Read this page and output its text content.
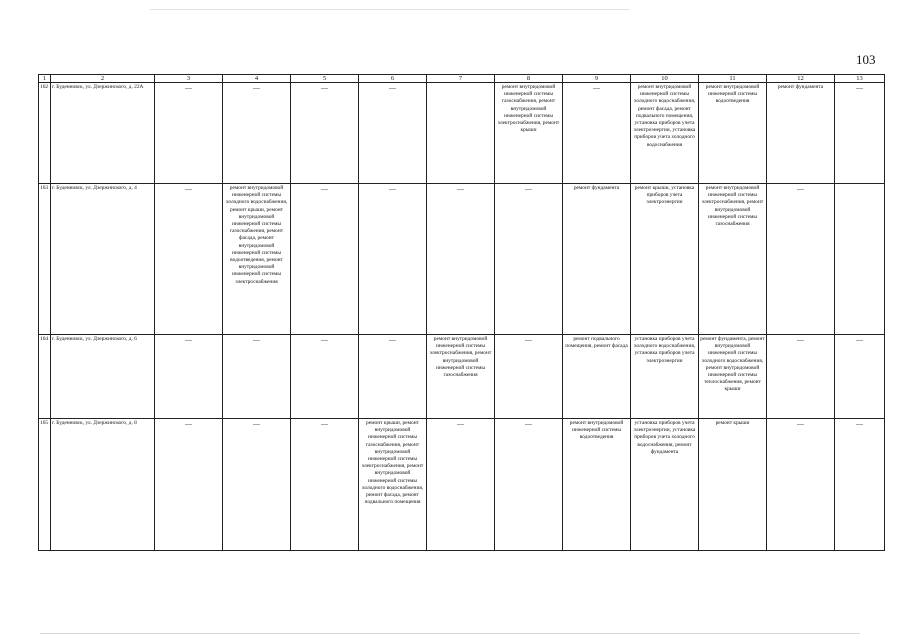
103
1	2	3	4	5	6	7	8	9	10	11	12	13
162	г. Буденновск, ул. Дзержинского, д. 22А	—	—	—	—		ремонт внутридомовой инженерной системы газоснабжения, ремонт внутридомовой инженерной системы электроснабжения, ремонт крыши	—	ремонт внутридомовой инженерной системы холодного водоснабжения, ремонт фасада, ремонт подвального помещения, установка приборов учета электроэнергии, установка приборов учета холодного водоснабжения	ремонт внутридомовой инженерной системы водоотведения	ремонт фундамента	—

163	г. Буденновск, ул. Дзержинского, д. 4	—	ремонт внутридомовой инженерной системы холодного водоснабжения, ремонт крыши, ремонт внутридомовой инженерной системы газоснабжения, ремонт фасада, ремонт внутридомовой инженерной системы водоотведения, ремонт внутридомовой инженерной системы электроснабжения	—	—	—	—	ремонт фундамента	ремонт крыши, установка приборов учета электроэнергии	ремонт внутридомовой инженерной системы электроснабжения, ремонт внутридомовой инженерной системы газоснабжения	—	

164	г. Буденновск, ул. Дзержинского, д. 6	—	—	—	—	ремонт внутридомовой инженерной системы электроснабжения, ремонт внутридомовой инженерной системы газоснабжения	—	ремонт подвального помещения, ремонт фасада	установка приборов учета холодного водоснабжения, установка приборов учета электроэнергии	ремонт фундамента, ремонт внутридомовой инженерной системы холодного водоснабжения, ремонт внутридомовой инженерной системы теплоснабжения, ремонт крыши	—	—

165	г. Буденновск, ул. Дзержинского, д. 8	—	—	—	ремонт крыши, ремонт внутридомовой инженерной системы газоснабжения, ремонт внутридомовой инженерной системы электроснабжения, ремонт внутридомовой инженерной системы холодного водоснабжения, ремонт фасада, ремонт подвального помещения	—	—	ремонт внутридомовой инженерной системы водоотведения	установка приборов учета электроэнергии, установка приборов учета холодного водоснабжения, ремонт фундамента	ремонт крыши	—	—
